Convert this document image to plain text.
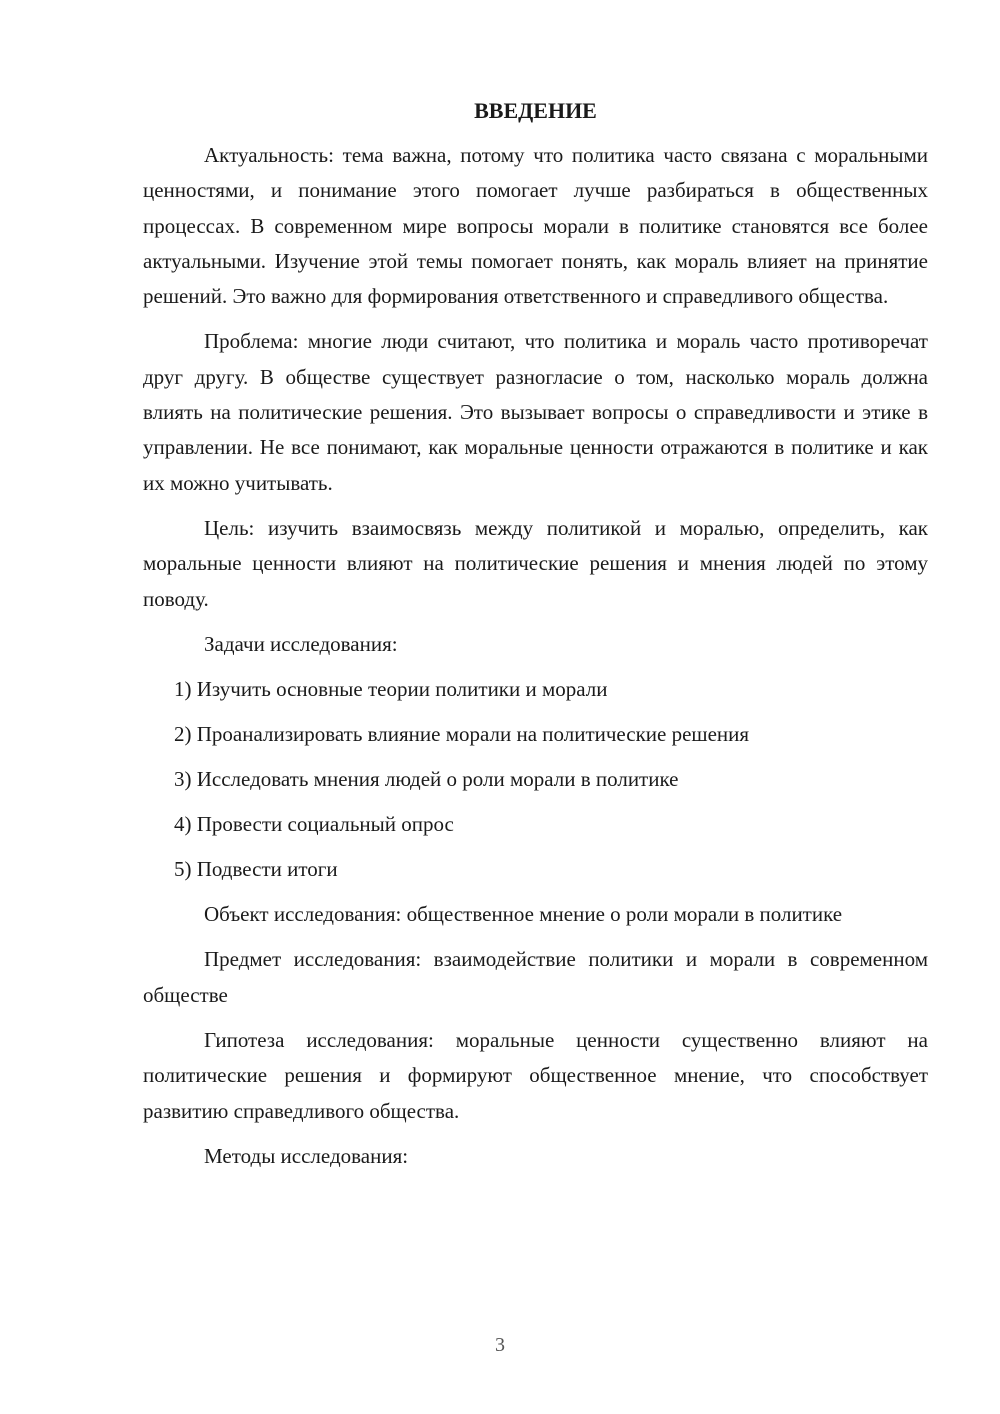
ВВЕДЕНИЕ

Актуальность: тема важна, потому что политика часто связана с моральными ценностями, и понимание этого помогает лучше разбираться в общественных процессах. В современном мире вопросы морали в политике становятся все более актуальными. Изучение этой темы помогает понять, как мораль влияет на принятие решений. Это важно для формирования ответственного и справедливого общества.

Проблема: многие люди считают, что политика и мораль часто противоречат друг другу. В обществе существует разногласие о том, насколько мораль должна влиять на политические решения. Это вызывает вопросы о справедливости и этике в управлении. Не все понимают, как моральные ценности отражаются в политике и как их можно учитывать.

Цель: изучить взаимосвязь между политикой и моралью, определить, как моральные ценности влияют на политические решения и мнения людей по этому поводу.

Задачи исследования:

1) Изучить основные теории политики и морали
2) Проанализировать влияние морали на политические решения
3) Исследовать мнения людей о роли морали в политике
4) Провести социальный опрос
5) Подвести итоги

Объект исследования: общественное мнение о роли морали в политике

Предмет исследования: взаимодействие политики и морали в современном обществе

Гипотеза исследования: моральные ценности существенно влияют на политические решения и формируют общественное мнение, что способствует развитию справедливого общества.

Методы исследования:

3
